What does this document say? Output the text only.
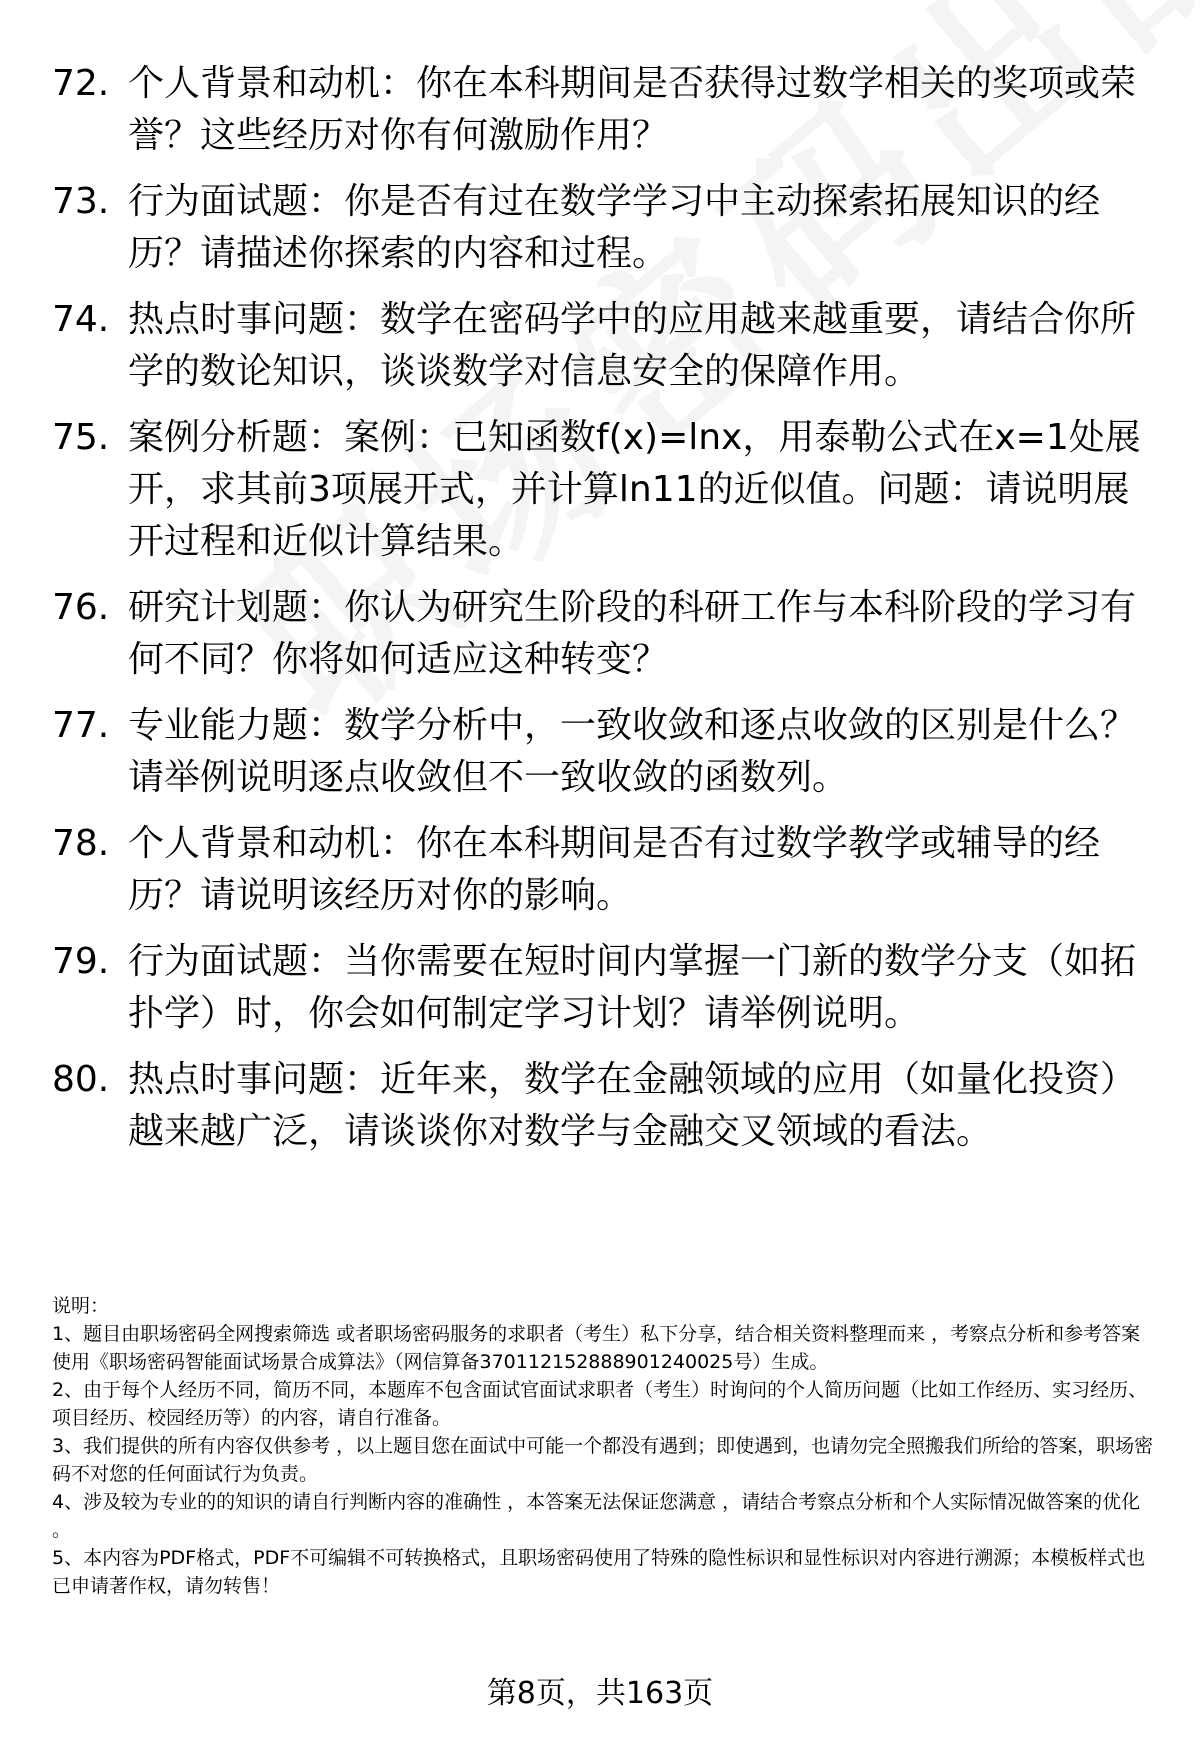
72. 个人背景和动机：你在本科期间是否获得过数学相关的奖项或荣誉？这些经历对你有何激励作用？
73. 行为面试题：你是否有过在数学学习中主动探索拓展知识的经历？请描述你探索的内容和过程。
74. 热点时事问题：数学在密码学中的应用越来越重要，请结合你所学的数论知识，谈谈数学对信息安全的保障作用。
75. 案例分析题：案例：已知函数f(x)=lnx，用泰勒公式在x=1处展开，求其前3项展开式，并计算ln11的近似值。问题：请说明展开过程和近似计算结果。
76. 研究计划题：你认为研究生阶段的科研工作与本科阶段的学习有何不同？你将如何适应这种转变？
77. 专业能力题：数学分析中，一致收敛和逐点收敛的区别是什么？请举例说明逐点收敛但不一致收敛的函数列。
78. 个人背景和动机：你在本科期间是否有过数学教学或辅导的经历？请说明该经历对你的影响。
79. 行为面试题：当你需要在短时间内掌握一门新的数学分支（如拓扑学）时，你会如何制定学习计划？请举例说明。
80. 热点时事问题：近年来，数学在金融领域的应用（如量化投资）越来越广泛，请谈谈你对数学与金融交叉领域的看法。

说明：

1、题目由职场密码全网搜索筛选 或者职场密码服务的求职者（考生）私下分享，结合相关资料整理而来 ，考察点分析和参考答案使用《职场密码智能面试场景合成算法》（网信算备370112152888901240025号）生成。

2、由于每个人经历不同，简历不同，本题库不包含面试官面试求职者（考生）时询问的个人简历问题（比如工作经历、实习经历、项目经历、校园经历等）的内容，请自行准备。

3、我们提供的所有内容仅供参考 ，以上题目您在面试中可能一个都没有遇到；即使遇到，也请勿完全照搬我们所给的答案，职场密码不对您的任何面试行为负责。

4、涉及较为专业的的知识的请自行判断内容的准确性 ，本答案无法保证您满意 ，请结合考察点分析和个人实际情况做答案的优化 。

5、本内容为PDF格式，PDF不可编辑不可转换格式，且职场密码使用了特殊的隐性标识和显性标识对内容进行溯源；本模板样式也已申请著作权，请勿转售！

第8页，共163页
